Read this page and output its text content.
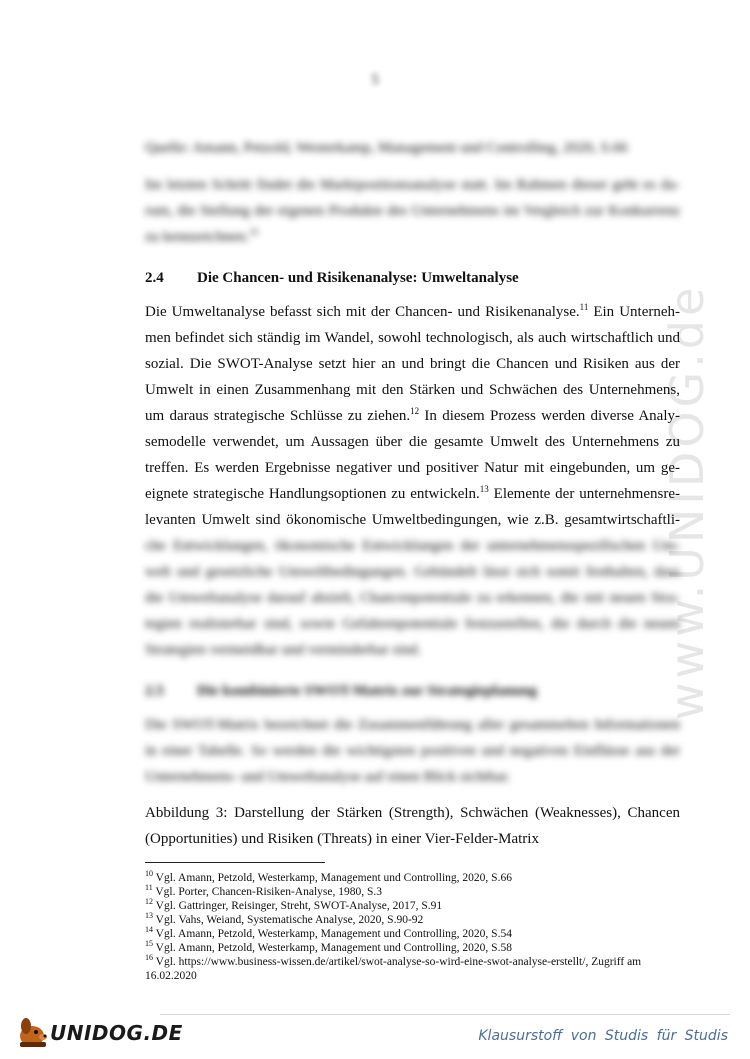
www.UNIDOG.de
5
Quelle: Amann, Petzold, Westerkamp, Management und Controlling, 2020, S.66
Im letzten Schritt findet die Marktpositionsanalyse statt. Im Rahmen dieser geht es da-
rum, die Stellung der eigenen Produkte des Unternehmens im Vergleich zur Konkurrenz
zu kennzeichnen.$^{10}$
2.4 Die Chancen- und Risikenanalyse: Umweltanalyse
Die Umweltanalyse befasst sich mit der Chancen- und Risikenanalyse.$^{11}$ Ein Unterneh-
men befindet sich ständig im Wandel, sowohl technologisch, als auch wirtschaftlich und
sozial. Die SWOT-Analyse setzt hier an und bringt die Chancen und Risiken aus der
Umwelt in einen Zusammenhang mit den Stärken und Schwächen des Unternehmens,
um daraus strategische Schlüsse zu ziehen.$^{12}$ In diesem Prozess werden diverse Analy-
semodelle verwendet, um Aussagen über die gesamte Umwelt des Unternehmens zu
treffen. Es werden Ergebnisse negativer und positiver Natur mit eingebunden, um ge-
eignete strategische Handlungsoptionen zu entwickeln.$^{13}$ Elemente der unternehmensre-
levanten Umwelt sind ökonomische Umweltbedingungen, wie z.B. gesamtwirtschaftli-
che Entwicklungen, ökonomische Entwicklungen der unternehmensspezifischen Um-
welt und gesetzliche Umweltbedingungen. Gebündelt lässt sich somit festhalten, dass
die Umweltanalyse darauf abzielt, Chancenpotentiale zu erkennen, die mit neuen Stra-
tegien realisierbar sind, sowie Gefahrenpotentiale festzustellen, die durch die neuen
Strategien vermeidbar und verminderbar sind.
2.5 Die kombinierte SWOT-Matrix zur Strategieplanung
Die SWOT-Matrix bezeichnet die Zusammenführung aller gesammelten Informationen
in einer Tabelle. So werden die wichtigsten positiven und negativen Einflüsse aus der
Unternehmens- und Umweltanalyse auf einen Blick sichtbar.
Abbildung 3: Darstellung der Stärken (Strength), Schwächen (Weaknesses), Chancen
(Opportunities) und Risiken (Threats) in einer Vier-Felder-Matrix
$^{10}$ Vgl. Amann, Petzold, Westerkamp, Management und Controlling, 2020, S.66
$^{11}$ Vgl. Porter, Chancen-Risiken-Analyse, 1980, S.3
$^{12}$ Vgl. Gattringer, Reisinger, Streht, SWOT-Analyse, 2017, S.91
$^{13}$ Vgl. Vahs, Weiand, Systematische Analyse, 2020, S.90-92
$^{14}$ Vgl. Amann, Petzold, Westerkamp, Management und Controlling, 2020, S.54
$^{15}$ Vgl. Amann, Petzold, Westerkamp, Management und Controlling, 2020, S.58
$^{16}$ Vgl. https://www.business-wissen.de/artikel/swot-analyse-so-wird-eine-swot-analyse-erstellt/, Zugriff am 16.02.2020
UNIDOG.DE	Klausurstoff von Studis für Studis
